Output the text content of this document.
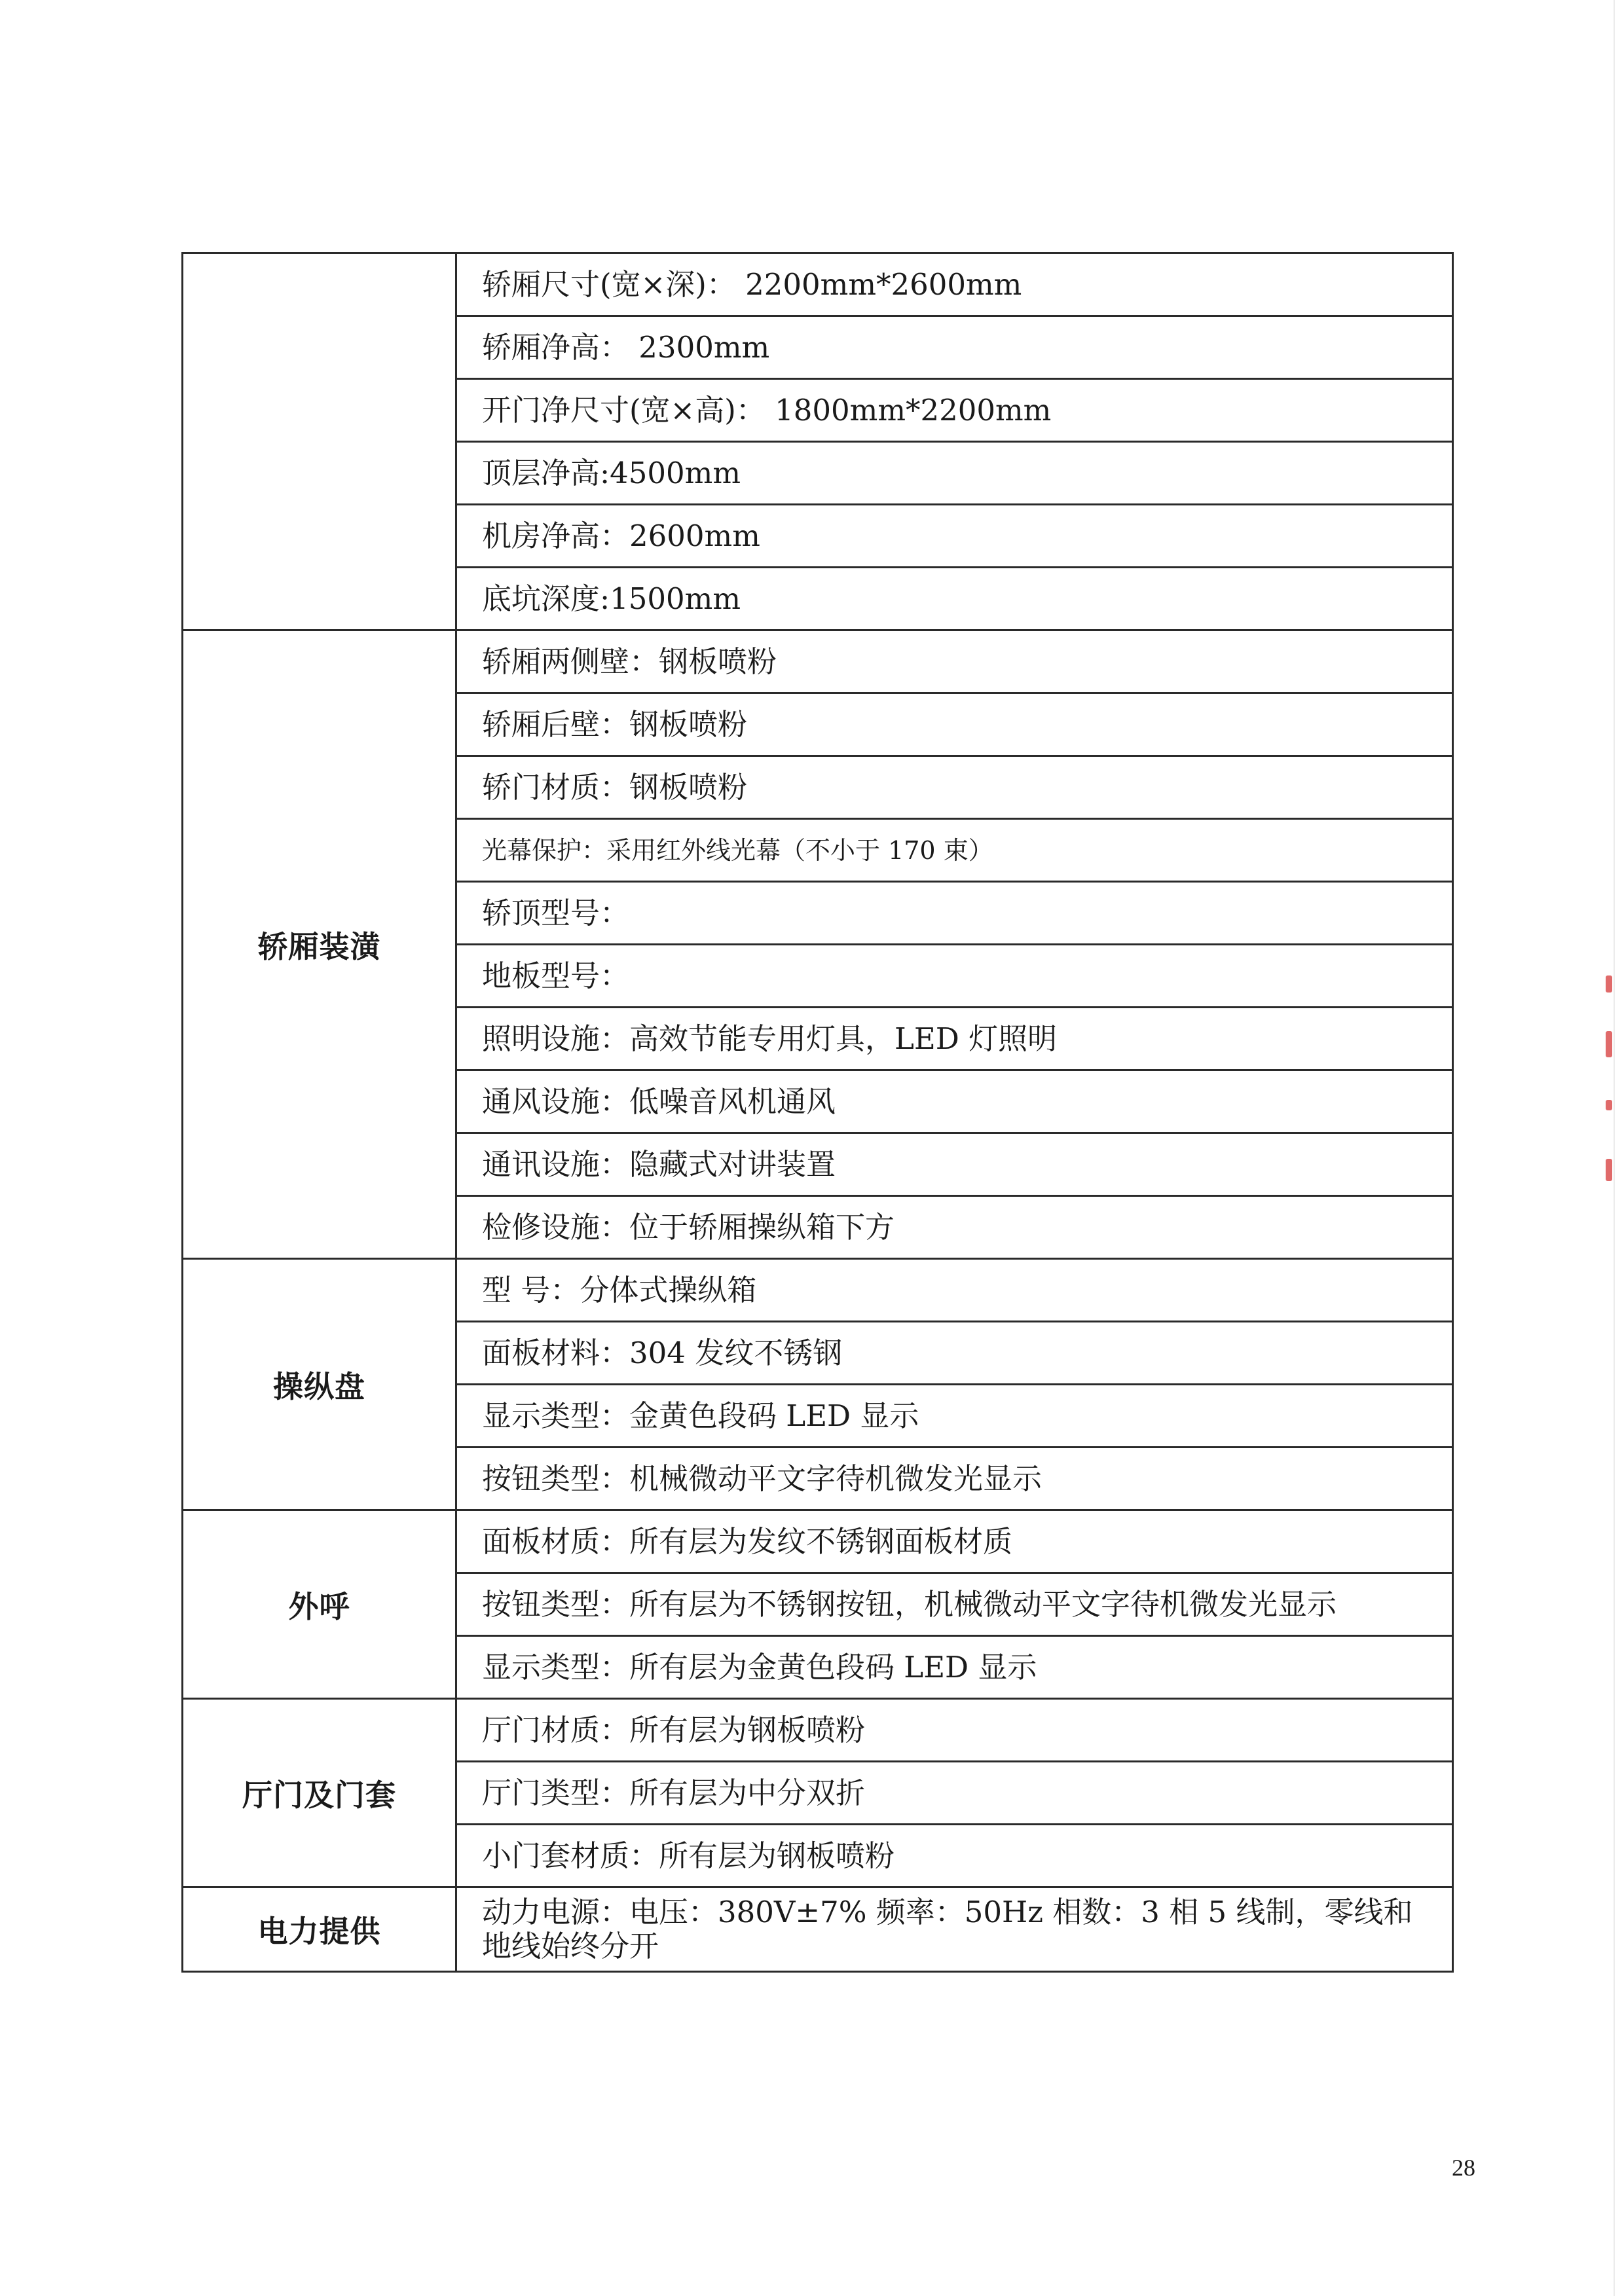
	轿厢尺寸(宽×深)： 2200mm*2600mm
	轿厢净高： 2300mm
	开门净尺寸(宽×高)： 1800mm*2200mm
	顶层净高:4500mm
	机房净高：2600mm
	底坑深度:1500mm
轿厢装潢	轿厢两侧壁：钢板喷粉
	轿厢后壁：钢板喷粉
	轿门材质：钢板喷粉
	光幕保护：采用红外线光幕（不小于 170 束）
	轿顶型号：
	地板型号：
	照明设施：高效节能专用灯具，LED 灯照明
	通风设施：低噪音风机通风
	通讯设施：隐藏式对讲装置
	检修设施：位于轿厢操纵箱下方
操纵盘	型 号：分体式操纵箱
	面板材料：304 发纹不锈钢
	显示类型：金黄色段码 LED 显示
	按钮类型：机械微动平文字待机微发光显示
外呼	面板材质：所有层为发纹不锈钢面板材质
	按钮类型：所有层为不锈钢按钮，机械微动平文字待机微发光显示
	显示类型：所有层为金黄色段码 LED 显示
厅门及门套	厅门材质：所有层为钢板喷粉
	厅门类型：所有层为中分双折
	小门套材质：所有层为钢板喷粉
电力提供	动力电源：电压：380V±7% 频率：50Hz 相数：3 相 5 线制，零线和地线始终分开
28
